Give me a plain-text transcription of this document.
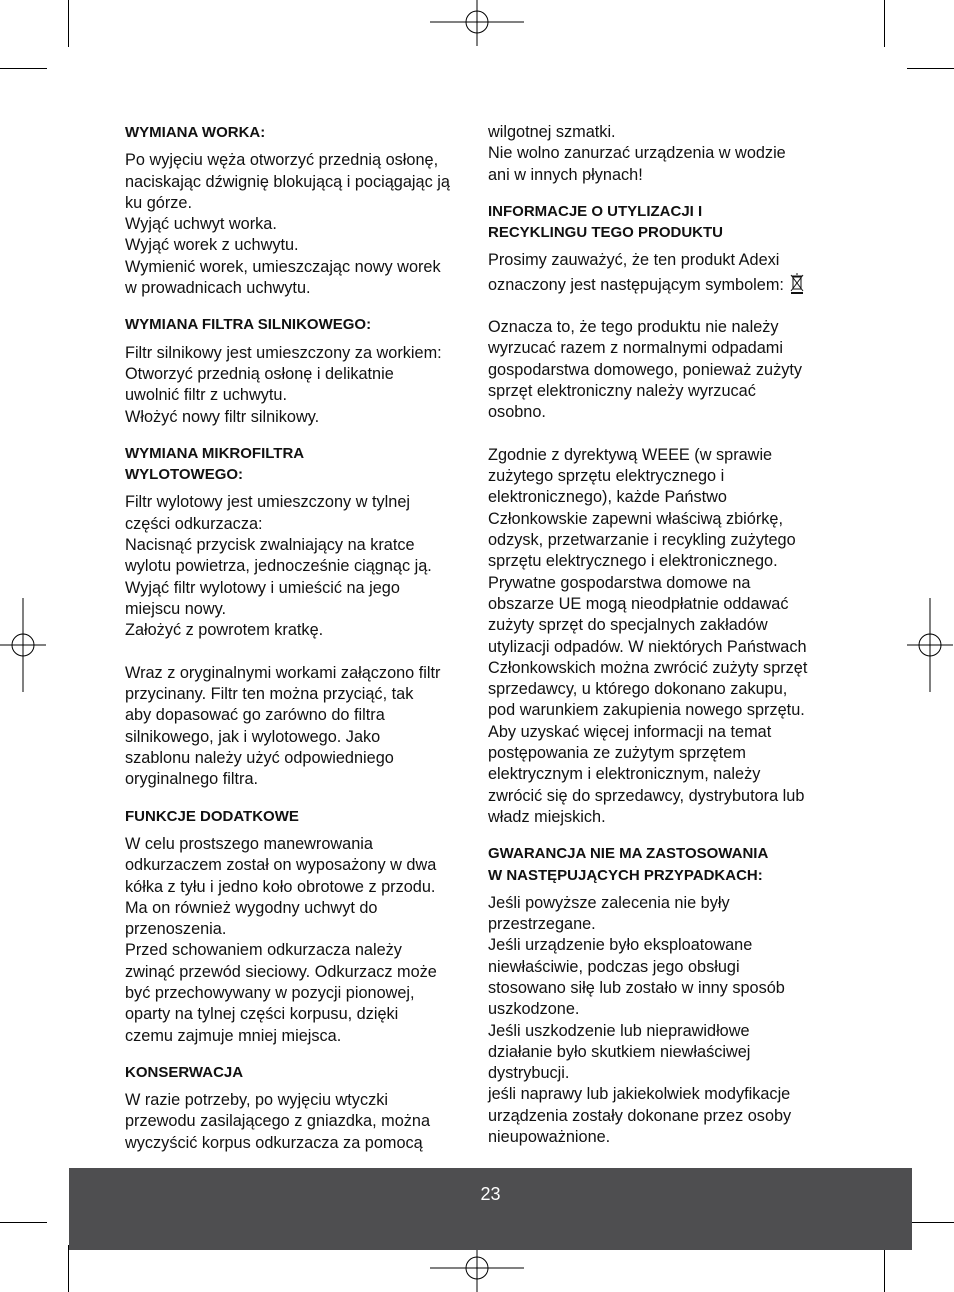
WYMIANA WORKA:
Po wyjęciu węża otworzyć przednią osłonę,
naciskając dźwignię blokującą i pociągając ją
ku górze.
Wyjąć uchwyt worka.
Wyjąć worek z uchwytu.
Wymienić worek, umieszczając nowy worek
w prowadnicach uchwytu.
WYMIANA FILTRA SILNIKOWEGO:
Filtr silnikowy jest umieszczony za workiem:
Otworzyć przednią osłonę i delikatnie
uwolnić filtr z uchwytu.
Włożyć nowy filtr silnikowy.
WYMIANA MIKROFILTRA
WYLOTOWEGO:
Filtr wylotowy jest umieszczony w tylnej
części odkurzacza:
Nacisnąć przycisk zwalniający na kratce
wylotu powietrza, jednocześnie ciągnąc ją.
Wyjąć filtr wylotowy i umieścić na jego
miejscu nowy.
Założyć z powrotem kratkę.

Wraz z oryginalnymi workami załączono filtr
przycinany. Filtr ten można przyciąć, tak
aby dopasować go zarówno do filtra
silnikowego, jak i wylotowego. Jako
szablonu należy użyć odpowiedniego
oryginalnego filtra.
FUNKCJE DODATKOWE
W celu prostszego manewrowania
odkurzaczem został on wyposażony w dwa
kółka z tyłu i jedno koło obrotowe z przodu.
Ma on również wygodny uchwyt do
przenoszenia.
Przed schowaniem odkurzacza należy
zwinąć przewód sieciowy. Odkurzacz może
być przechowywany w pozycji pionowej,
oparty na tylnej części korpusu, dzięki
czemu zajmuje mniej miejsca.
KONSERWACJA
W razie potrzeby, po wyjęciu wtyczki
przewodu zasilającego z gniazdka, można
wyczyścić korpus odkurzacza za pomocą
wilgotnej szmatki.
Nie wolno zanurzać urządzenia w wodzie
ani w innych płynach!
INFORMACJE O UTYLIZACJI I
RECYKLINGU TEGO PRODUKTU
Prosimy zauważyć, że ten produkt Adexi
oznaczony jest następującym symbolem:
Oznacza to, że tego produktu nie należy
wyrzucać razem z normalnymi odpadami
gospodarstwa domowego, ponieważ zużyty
sprzęt elektroniczny należy wyrzucać
osobno.

Zgodnie z dyrektywą WEEE (w sprawie
zużytego sprzętu elektrycznego i
elektronicznego), każde Państwo
Członkowskie zapewni właściwą zbiórkę,
odzysk, przetwarzanie i recykling zużytego
sprzętu elektrycznego i elektronicznego.
Prywatne gospodarstwa domowe na
obszarze UE mogą nieodpłatnie oddawać
zużyty sprzęt do specjalnych zakładów
utylizacji odpadów. W niektórych Państwach
Członkowskich można zwrócić zużyty sprzęt
sprzedawcy, u którego dokonano zakupu,
pod warunkiem zakupienia nowego sprzętu.
Aby uzyskać więcej informacji na temat
postępowania ze zużytym sprzętem
elektrycznym i elektronicznym, należy
zwrócić się do sprzedawcy, dystrybutora lub
władz miejskich.
GWARANCJA NIE MA ZASTOSOWANIA
W NASTĘPUJĄCYCH PRZYPADKACH:
Jeśli powyższe zalecenia nie były
przestrzegane.
Jeśli urządzenie było eksploatowane
niewłaściwie, podczas jego obsługi
stosowano siłę lub zostało w inny sposób
uszkodzone.
Jeśli uszkodzenie lub nieprawidłowe
działanie było skutkiem niewłaściwej
dystrybucji.
jeśli naprawy lub jakiekolwiek modyfikacje
urządzenia zostały dokonane przez osoby
nieupoważnione.
23
